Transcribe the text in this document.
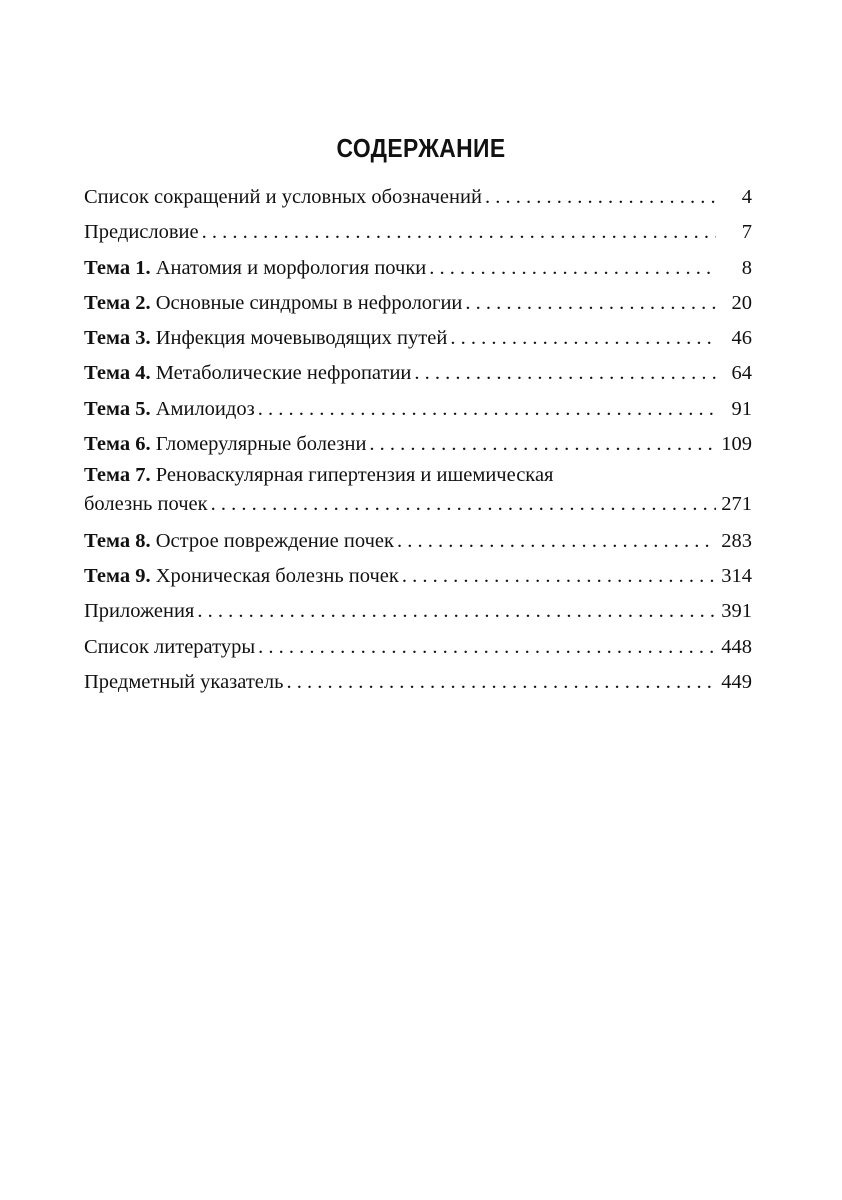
СОДЕРЖАНИЕ
Список сокращений и условных обозначений . . .	4
Предисловие . . .	7
Тема 1. Анатомия и морфология почки . . .	8
Тема 2. Основные синдромы в нефрологии . . .	20
Тема 3. Инфекция мочевыводящих путей . . .	46
Тема 4. Метаболические нефропатии . . .	64
Тема 5. Амилоидоз . . .	91
Тема 6. Гломерулярные болезни . . .	109
Тема 7. Реноваскулярная гипертензия и ишемическая
болезнь почек . . .	271
Тема 8. Острое повреждение почек . . .	283
Тема 9. Хроническая болезнь почек . . .	314
Приложения . . .	391
Список литературы . . .	448
Предметный указатель . . .	449
